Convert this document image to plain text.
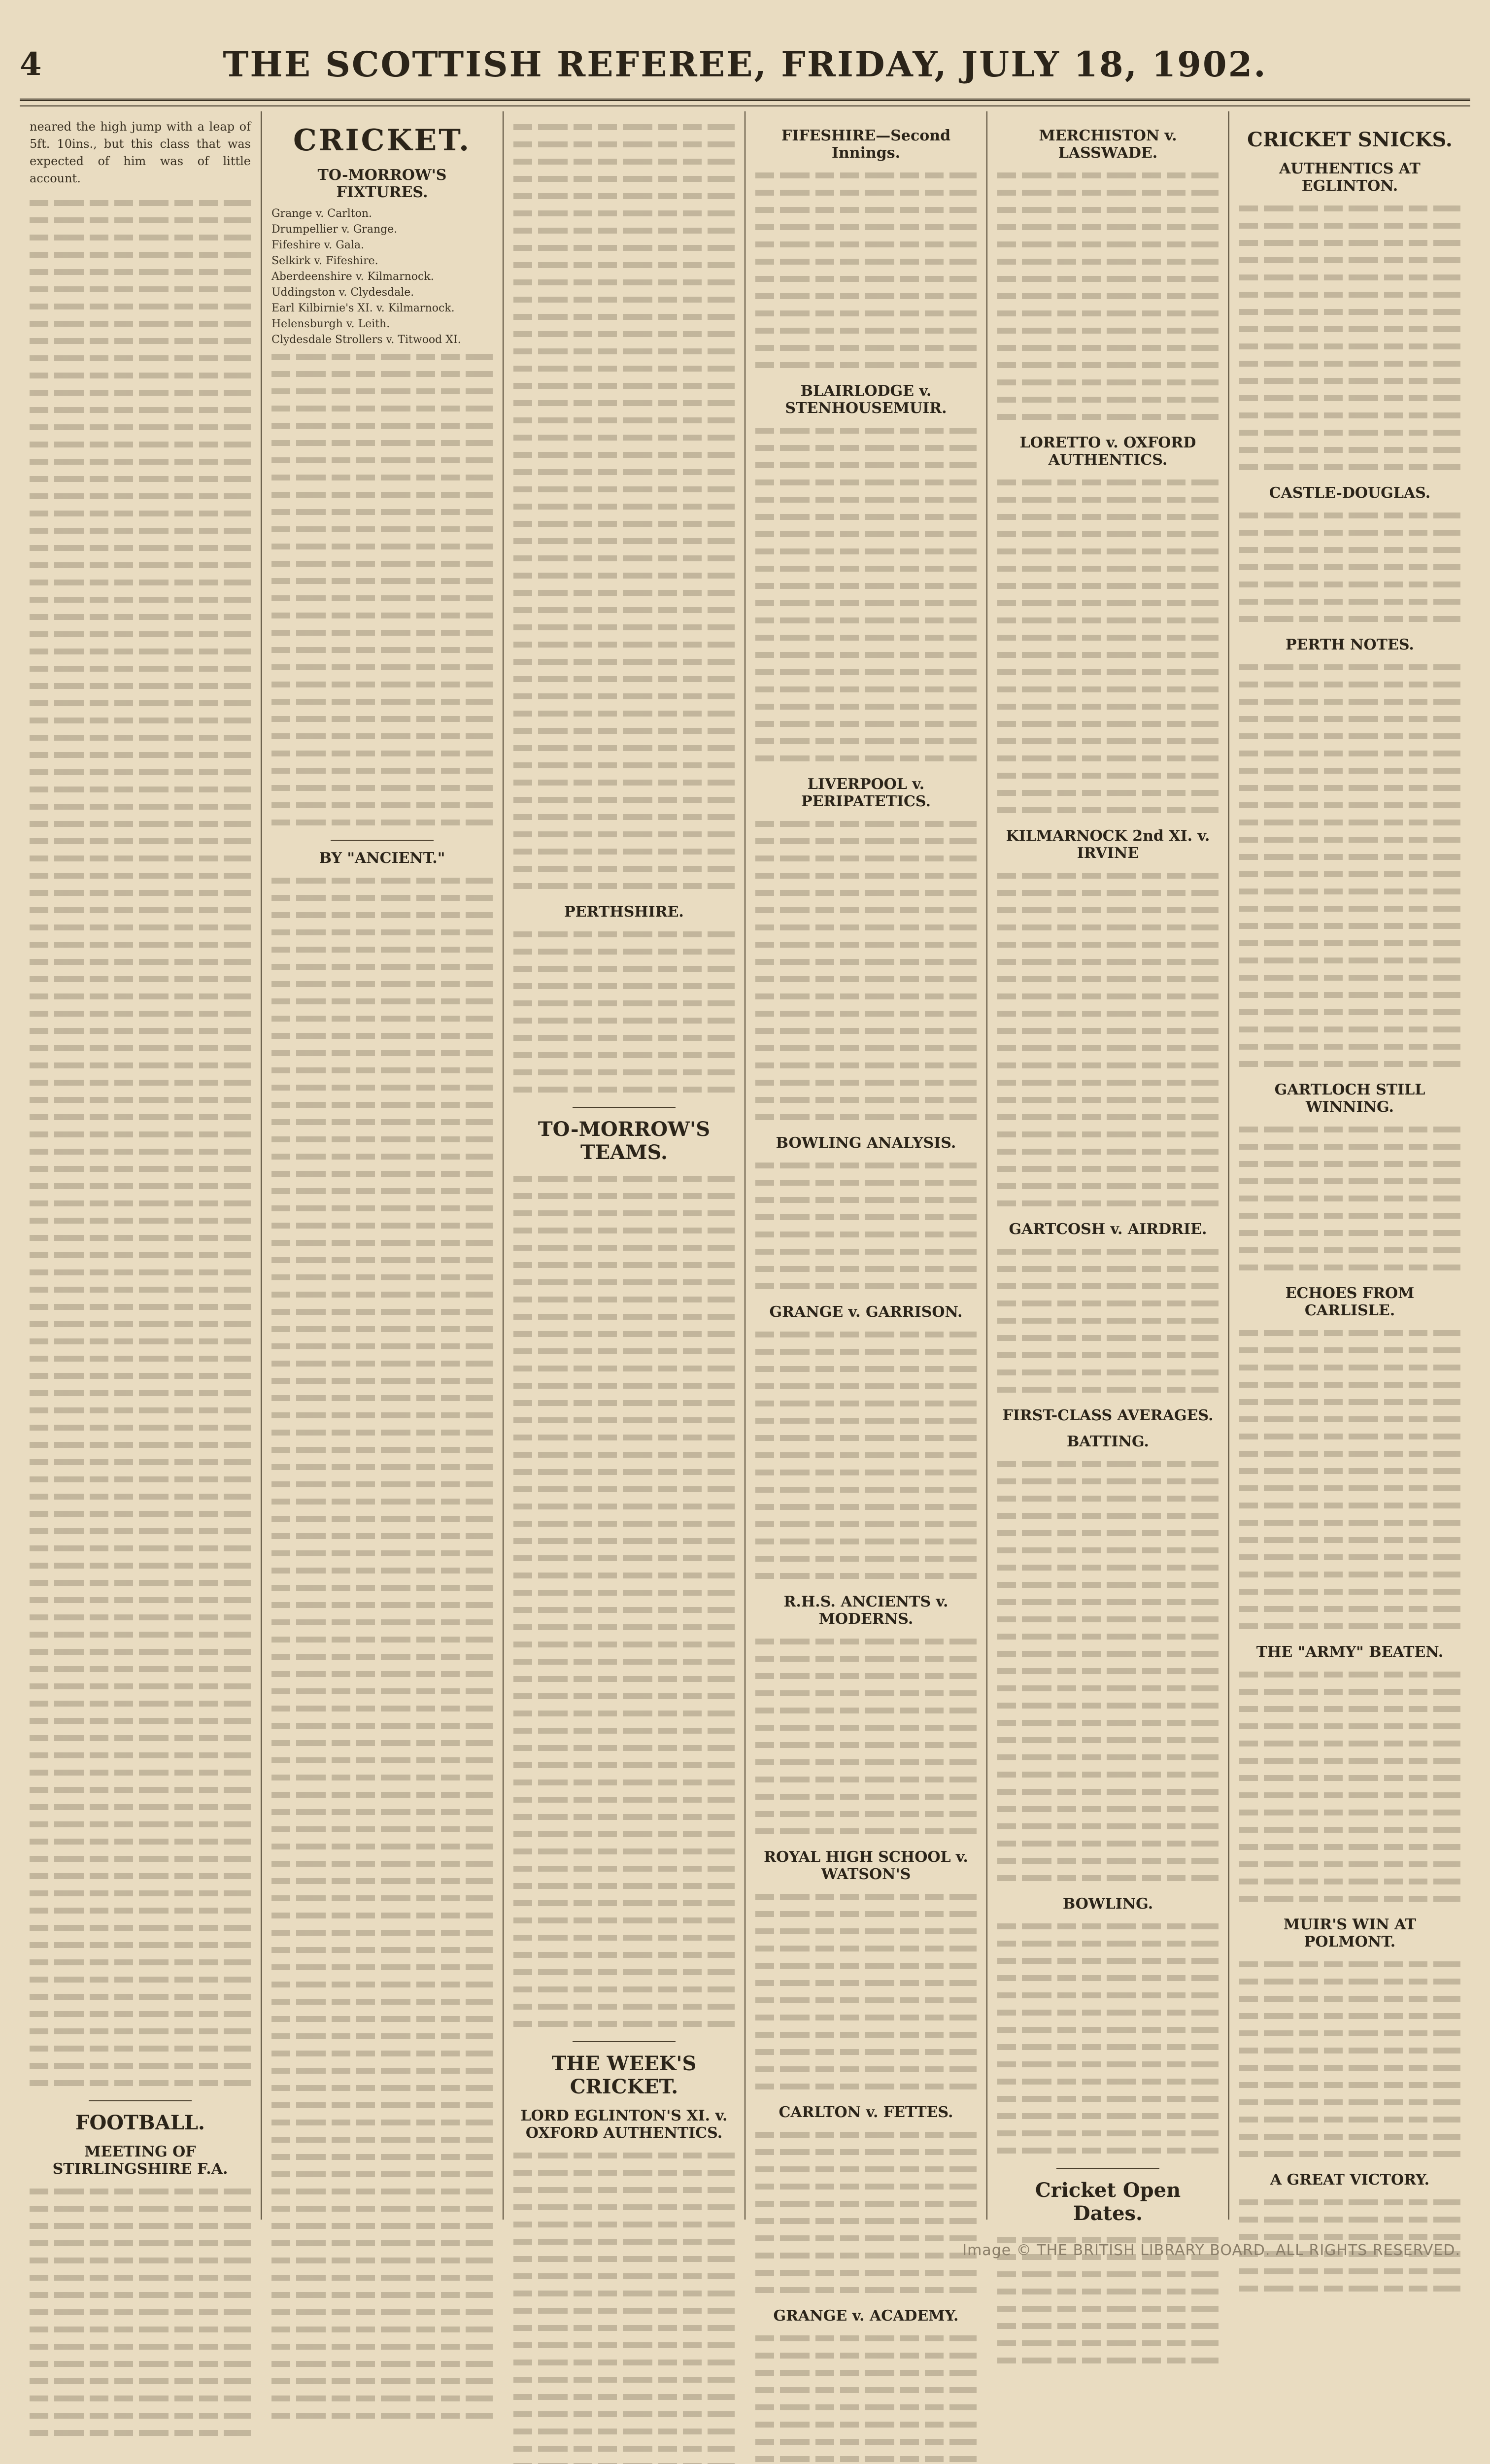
4	THE SCOTTISH REFEREE, FRIDAY, JULY 18, 1902.

neared the high jump with a leap of 5ft. 10ins., but this class that was expected of him was of little account.

FOOTBALL.
MEETING OF STIRLINGSHIRE F.A.
CRICKET.
TO-MORROW'S FIXTURES.
Grange v. Carlton.
Drumpellier v. Grange.
Fifeshire v. Gala.
Selkirk v. Fifeshire.
Aberdeenshire v. Kilmarnock.
Uddingston v. Clydesdale.
Earl Kilbirnie's XI. v. Kilmarnock.
Helensburgh v. Leith.
Clydesdale Strollers v. Titwood XI.
BY "ANCIENT."
PERTHSHIRE.
TO-MORROW'S TEAMS.
THE WEEK'S CRICKET.
LORD EGLINTON'S XI. v. OXFORD AUTHENTICS.
FIFESHIRE—Second Innings.
BLAIRLODGE v. STENHOUSEMUIR.
LIVERPOOL v. PERIPATETICS.
BOWLING ANALYSIS.
GRANGE v. GARRISON.
R.H.S. ANCIENTS v. MODERNS.
ROYAL HIGH SCHOOL v. WATSON'S
CARLTON v. FETTES.
GRANGE v. ACADEMY.
MERCHISTON v. LASSWADE.
LORETTO v. OXFORD AUTHENTICS.
KILMARNOCK 2nd XI. v. IRVINE
GARTCOSH v. AIRDRIE.
FIRST-CLASS AVERAGES.
BATTING.
BOWLING.
Cricket Open Dates.
CRICKET SNICKS.
AUTHENTICS AT EGLINTON.
CASTLE-DOUGLAS.
PERTH NOTES.
GARTLOCH STILL WINNING.
ECHOES FROM CARLISLE.
THE "ARMY" BEATEN.
MUIR'S WIN AT POLMONT.
A GREAT VICTORY.
Image © THE BRITISH LIBRARY BOARD. ALL RIGHTS RESERVED.
